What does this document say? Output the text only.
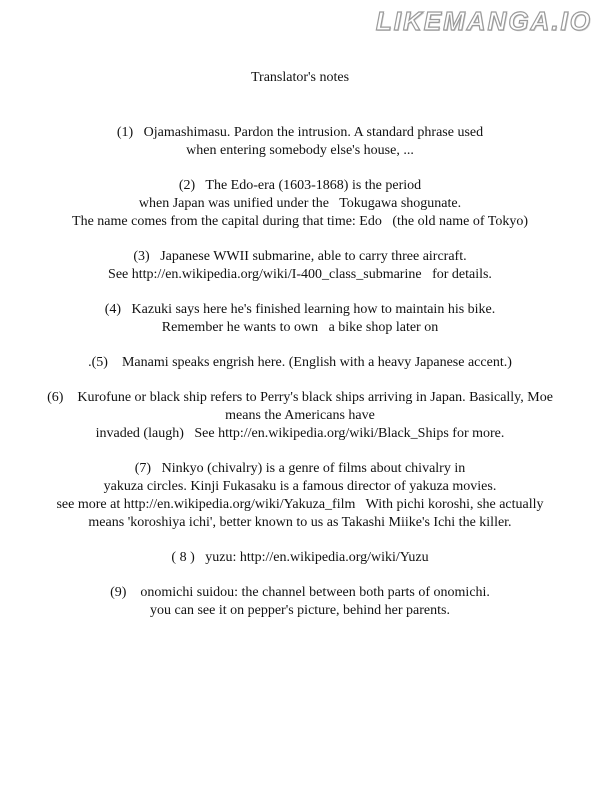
LIKEMANGA.IO
Translator's notes
(1)   Ojamashimasu. Pardon the intrusion. A standard phrase used
when entering somebody else's house, ...
(2)   The Edo-era (1603-1868) is the period
when Japan was unified under the   Tokugawa shogunate.
The name comes from the capital during that time: Edo   (the old name of Tokyo)
(3)   Japanese WWII submarine, able to carry three aircraft.
See http://en.wikipedia.org/wiki/I-400_class_submarine   for details.
(4)   Kazuki says here he's finished learning how to maintain his bike.
Remember he wants to own   a bike shop later on
.(5)    Manami speaks engrish here. (English with a heavy Japanese accent.)
(6)    Kurofune or black ship refers to Perry's black ships arriving in Japan. Basically, Moe
means the Americans have
invaded (laugh)   See http://en.wikipedia.org/wiki/Black_Ships for more.
(7)   Ninkyo (chivalry) is a genre of films about chivalry in
yakuza circles. Kinji Fukasaku is a famous director of yakuza movies.
see more at http://en.wikipedia.org/wiki/Yakuza_film   With pichi koroshi, she actually
means 'koroshiya ichi', better known to us as Takashi Miike's Ichi the killer.
( 8 )   yuzu: http://en.wikipedia.org/wiki/Yuzu
(9)    onomichi suidou: the channel between both parts of onomichi.
you can see it on pepper's picture, behind her parents.
